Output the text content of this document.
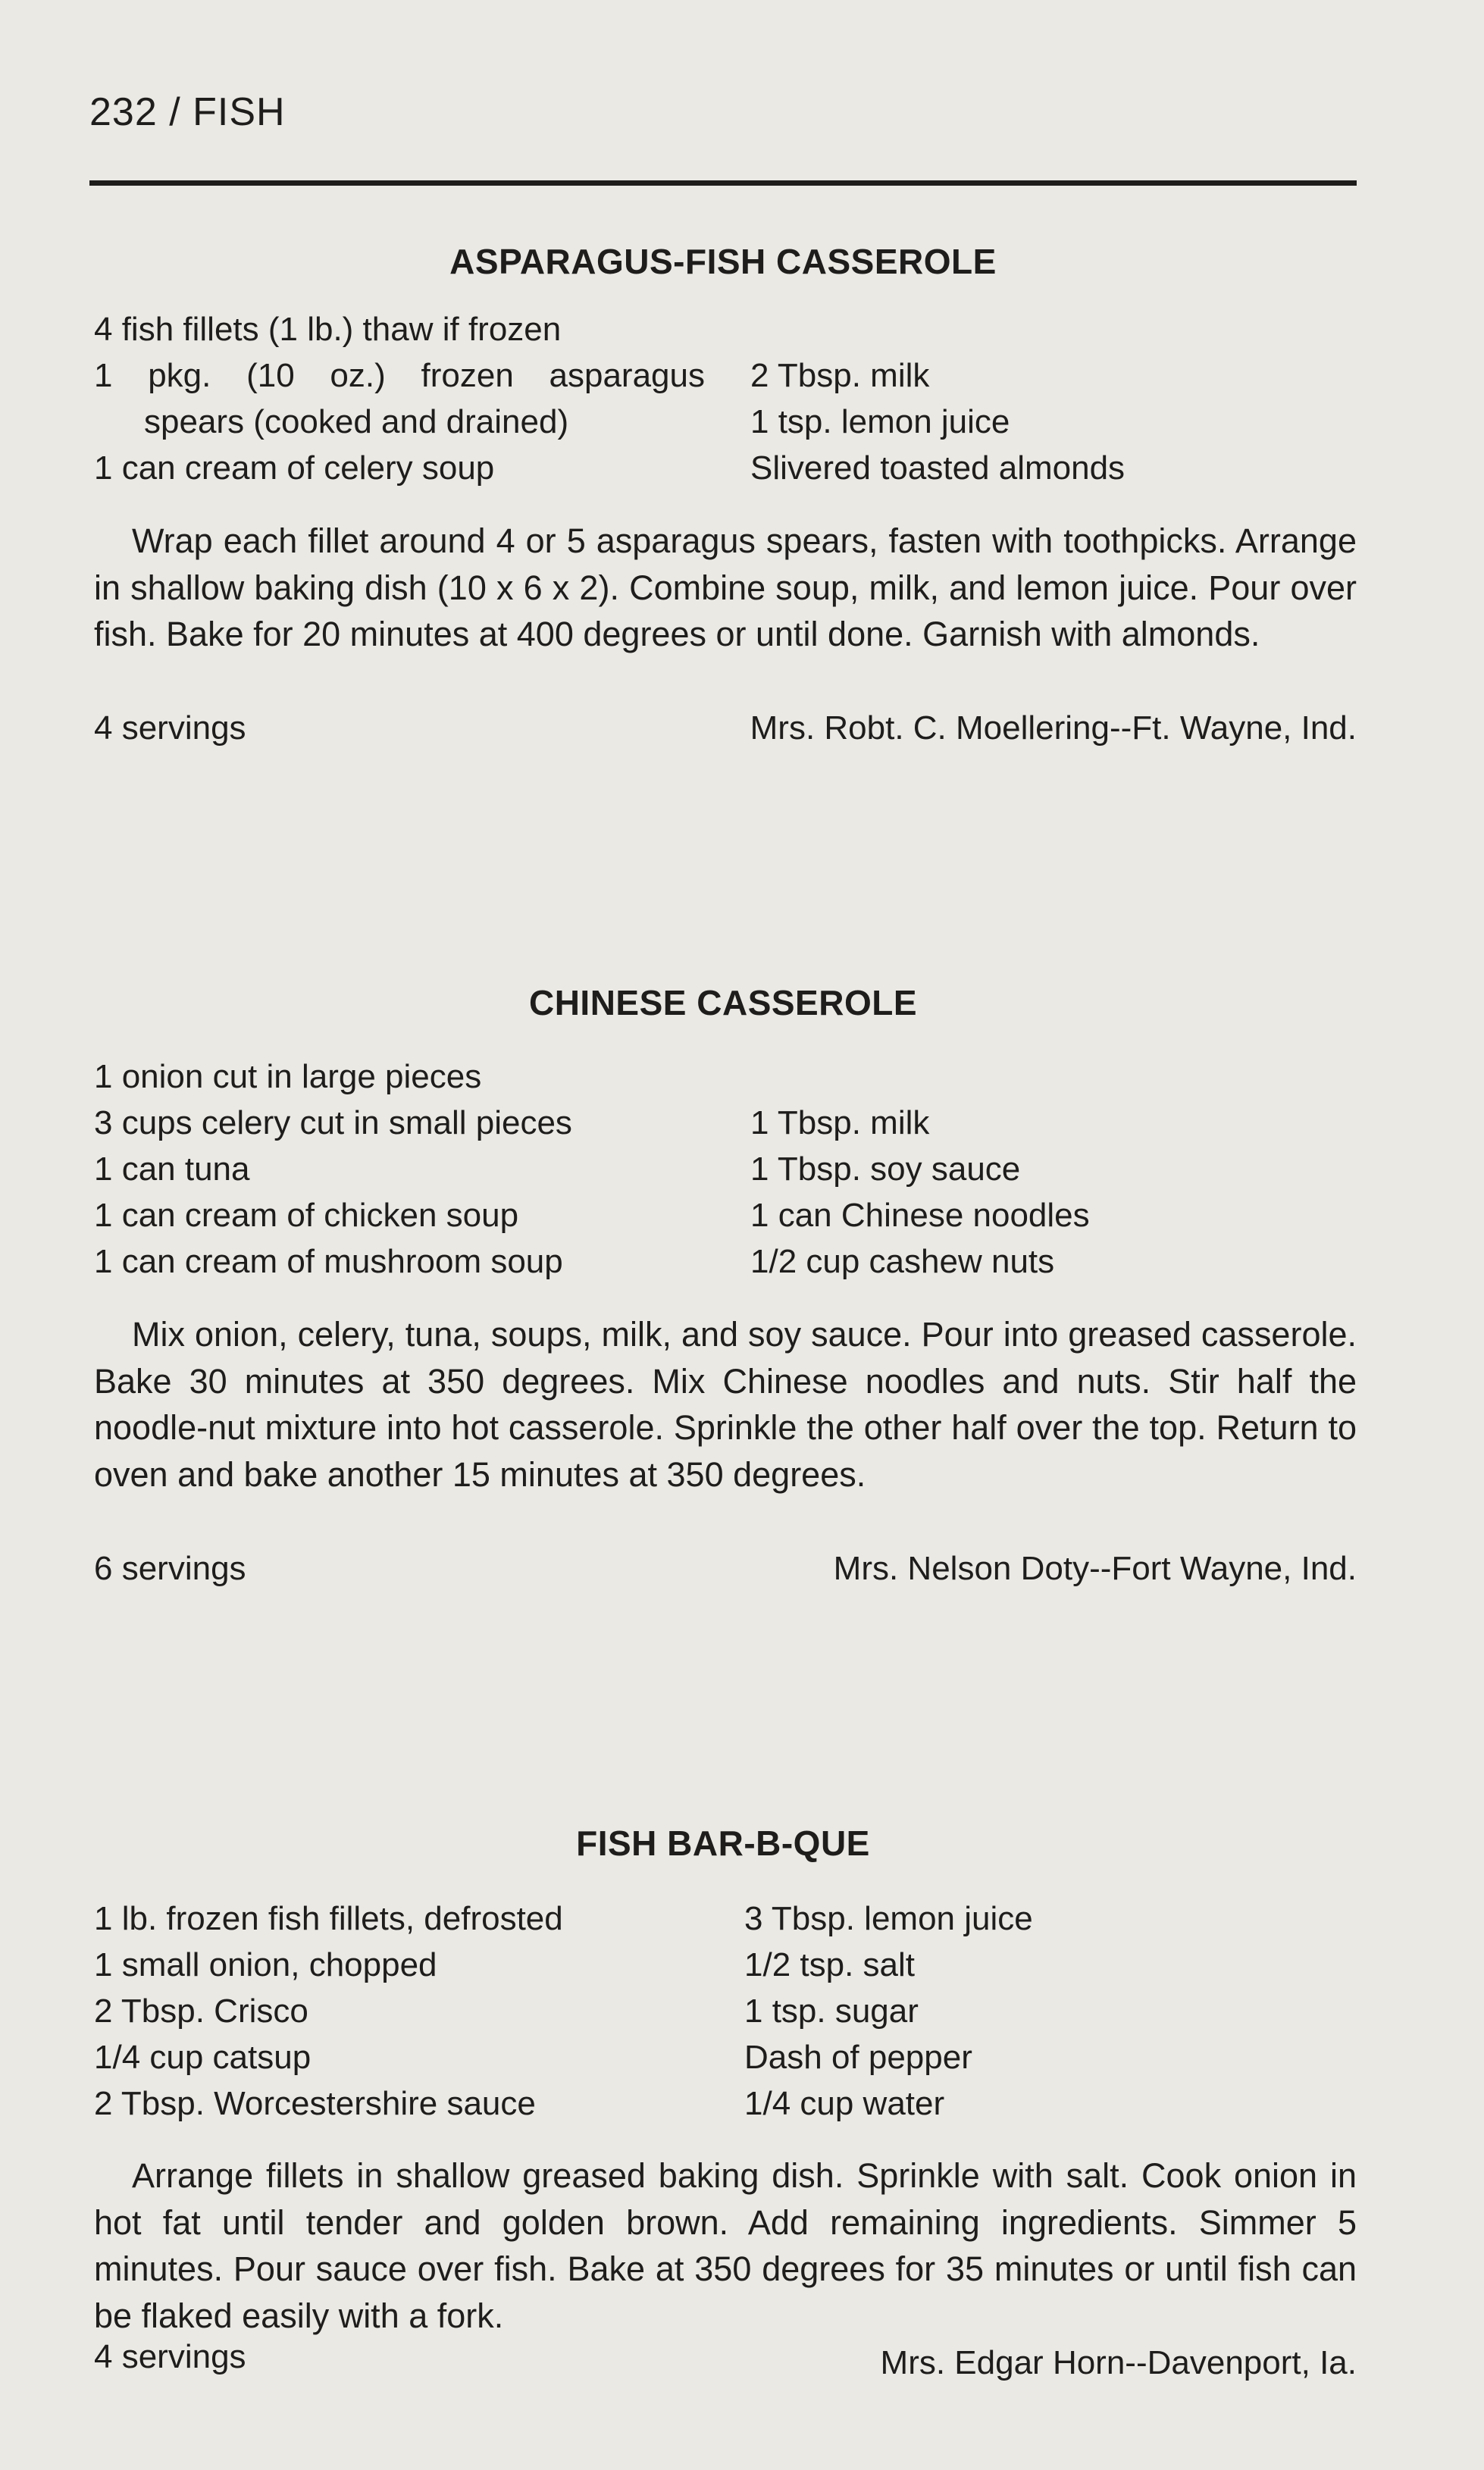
232 / FISH
ASPARAGUS-FISH CASSEROLE
4 fish fillets (1 lb.) thaw if frozen
1 pkg. (10 oz.) frozen asparagus
spears (cooked and drained)
1 can cream of celery soup
2 Tbsp. milk
1 tsp. lemon juice
Slivered toasted almonds
Wrap each fillet around 4 or 5 asparagus spears, fasten with toothpicks. Arrange in shallow baking dish (10 x 6 x 2). Combine soup, milk, and lemon juice. Pour over fish. Bake for 20 minutes at 400 degrees or until done. Garnish with almonds.
4 servings	Mrs. Robt. C. Moellering--Ft. Wayne, Ind.
CHINESE CASSEROLE
1 onion cut in large pieces
3 cups celery cut in small pieces
1 can tuna
1 can cream of chicken soup
1 can cream of mushroom soup
1 Tbsp. milk
1 Tbsp. soy sauce
1 can Chinese noodles
1/2 cup cashew nuts
Mix onion, celery, tuna, soups, milk, and soy sauce. Pour into greased casserole. Bake 30 minutes at 350 degrees. Mix Chinese noodles and nuts. Stir half the noodle-nut mixture into hot casserole. Sprinkle the other half over the top. Return to oven and bake another 15 minutes at 350 degrees.
6 servings	Mrs. Nelson Doty--Fort Wayne, Ind.
FISH BAR-B-QUE
1 lb. frozen fish fillets, defrosted
1 small onion, chopped
2 Tbsp. Crisco
1/4 cup catsup
2 Tbsp. Worcestershire sauce
3 Tbsp. lemon juice
1/2 tsp. salt
1 tsp. sugar
Dash of pepper
1/4 cup water
Arrange fillets in shallow greased baking dish. Sprinkle with salt. Cook onion in hot fat until tender and golden brown. Add remaining ingredients. Simmer 5 minutes. Pour sauce over fish. Bake at 350 degrees for 35 minutes or until fish can be flaked easily with a fork.
4 servings	Mrs. Edgar Horn--Davenport, Ia.
